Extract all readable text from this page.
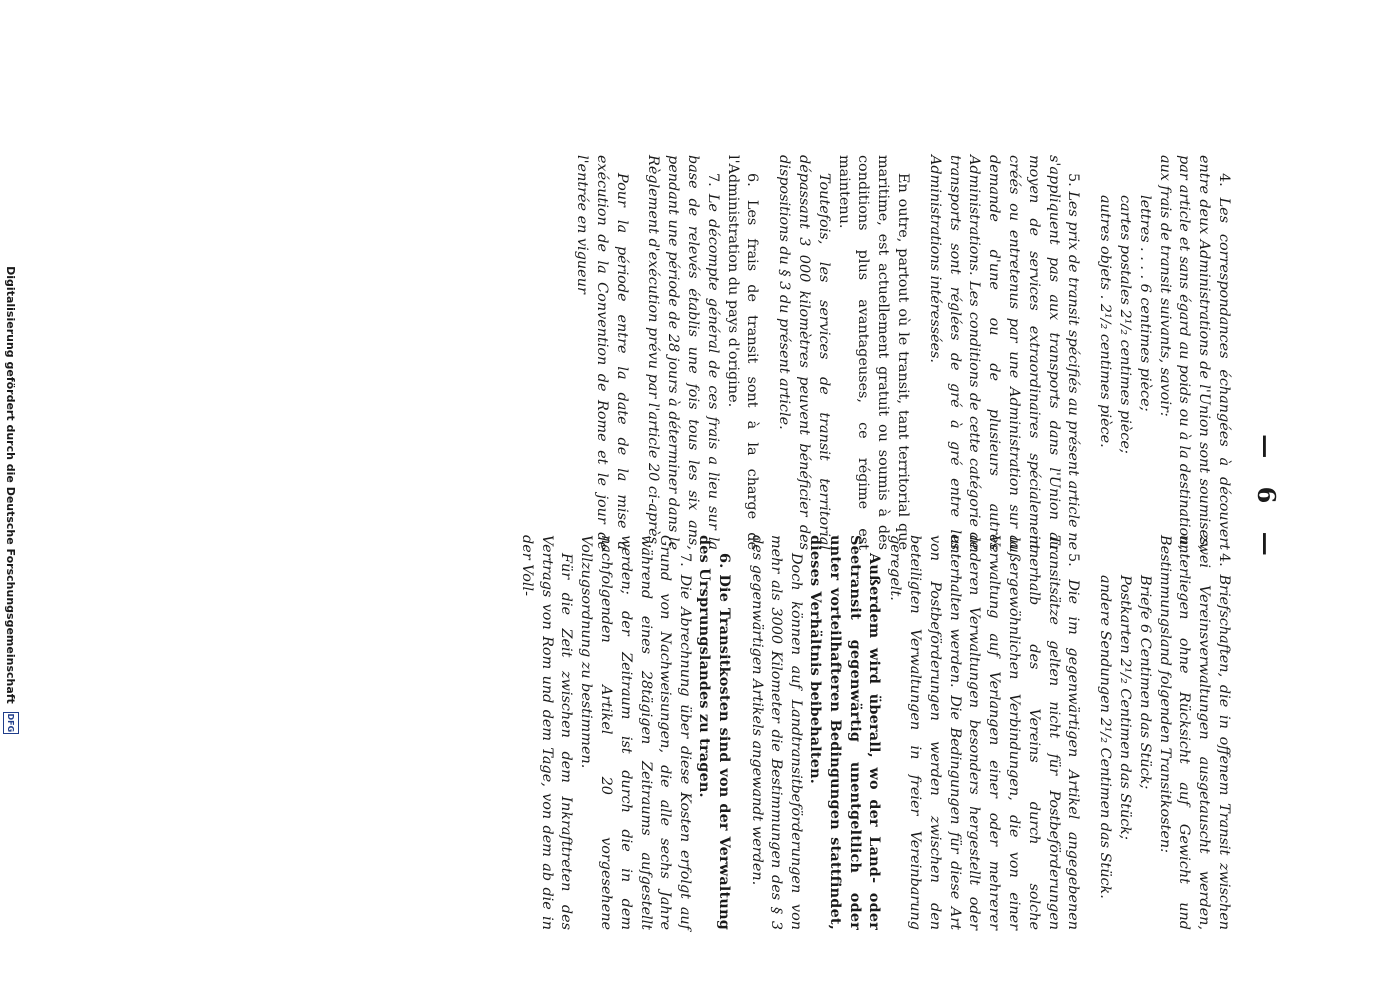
— 6 —

4. Les correspondances échangées à découvert entre deux Administrations de l'Union sont soumises, par article et sans égard au poids ou à la destination, aux frais de transit suivants, savoir:

lettres . . . . 6 centimes pièce;
cartes postales 2¹/₂ centimes pièce;
autres objets . 2¹/₂ centimes pièce.

5. Les prix de transit spécifiés au présent article ne s'appliquent pas aux transports dans l'Union au moyen de services extraordinaires spécialement créés ou entretenus par une Administration sur la demande d'une ou de plusieurs autres Administrations. Les conditions de cette catégorie de transports sont réglées de gré à gré entre les Administrations intéressées.

En outre, partout où le transit, tant territorial que maritime, est actuellement gratuit ou soumis à des conditions plus avantageuses, ce régime est maintenu.

Toutefois, les services de transit territorial dépassant 3 000 kilomètres peuvent bénéficier des dispositions du § 3 du présent article.

6. Les frais de transit sont à la charge de l'Administration du pays d'origine.

7. Le décompte général de ces frais a lieu sur la base de relevés établis une fois tous les six ans, pendant une période de 28 jours à déterminer dans le Règlement d'exécution prévu par l'article 20 ci-après.

Pour la période entre la date de la mise à exécution de la Convention de Rome et le jour de l'entrée en vigueur

4. Briefschaften, die in offenem Transit zwischen zwei Vereinsverwaltungen ausgetauscht werden, unterliegen ohne Rücksicht auf Gewicht und Bestimmungsland folgenden Transitkosten:

Briefe 6 Centimen das Stück;
Postkarten 2¹/₂ Centimen das Stück;
andere Sendungen 2¹/₂ Centimen das Stück.

5. Die im gegenwärtigen Artikel angegebenen Transitsätze gelten nicht für Postbeförderungen innerhalb des Vereins durch solche außergewöhnlichen Verbindungen, die von einer Verwaltung auf Verlangen einer oder mehrerer anderen Verwaltungen besonders hergestellt oder unterhalten werden. Die Bedingungen für diese Art von Postbeförderungen werden zwischen den beteiligten Verwaltungen in freier Vereinbarung geregelt.

Außerdem wird überall, wo der Land- oder Seetransit gegenwärtig unentgeltlich oder unter vorteilhafteren Bedingungen stattfindet, dieses Verhältnis beibehalten.

Doch können auf Landtransitbeförderungen von mehr als 3000 Kilometer die Bestimmungen des § 3 des gegenwärtigen Artikels angewandt werden.

6. Die Transitkosten sind von der Verwaltung des Ursprungslandes zu tragen.

7. Die Abrechnung über diese Kosten erfolgt auf Grund von Nachweisungen, die alle sechs Jahre während eines 28tägigen Zeitraums aufgestellt werden; der Zeitraum ist durch die in dem nachfolgenden Artikel 20 vorgesehene Vollzugsordnung zu bestimmen.

Für die Zeit zwischen dem Inkrafttreten des Vertrags von Rom und dem Tage, von dem ab die in der Voll-

Digitalisierung gefördert durch die Deutsche Forschungsgemeinschaft
DFG
